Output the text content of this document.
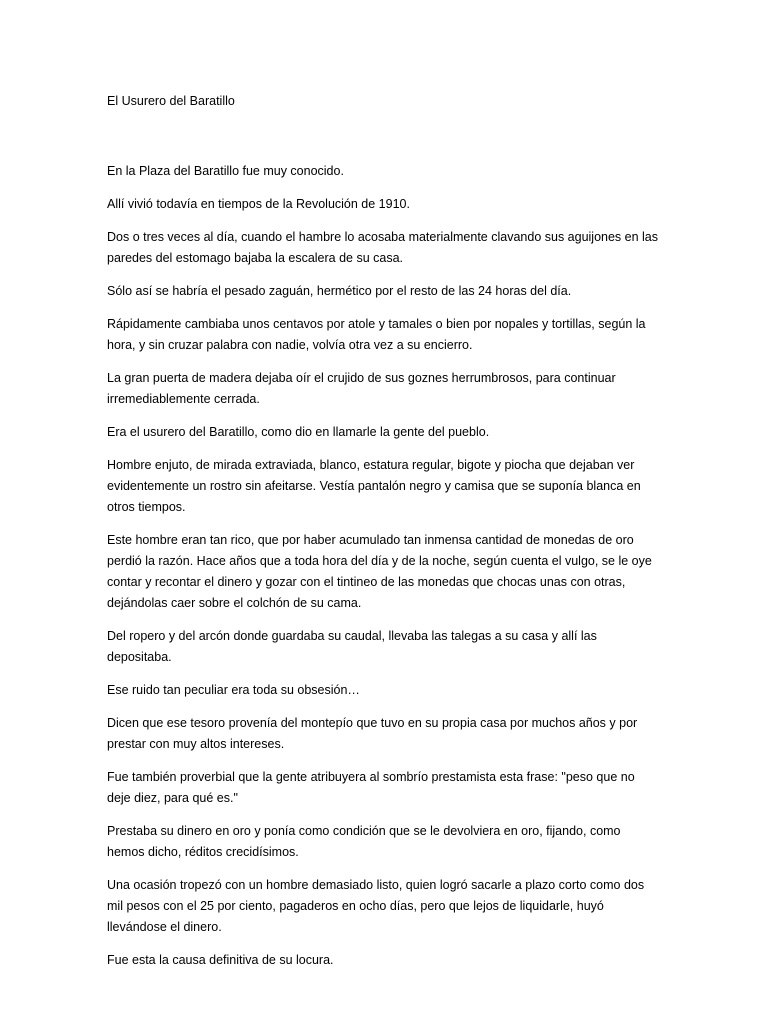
El Usurero del Baratillo

En la Plaza del Baratillo fue muy conocido.

Allí vivió todavía en tiempos de la Revolución de 1910.

Dos o tres veces al día, cuando el hambre lo acosaba materialmente clavando sus aguijones en las paredes del estomago bajaba la escalera de su casa.

Sólo así se habría el pesado zaguán, hermético por el resto de las 24 horas del día.

Rápidamente cambiaba unos centavos por atole y tamales o bien por nopales y tortillas, según la hora, y sin cruzar palabra con nadie, volvía otra vez a su encierro.

La gran puerta de madera dejaba oír el crujido de sus goznes herrumbrosos, para continuar irremediablemente cerrada.

Era el usurero del Baratillo, como dio en llamarle la gente del pueblo.

Hombre enjuto, de mirada extraviada, blanco, estatura regular, bigote y piocha que dejaban ver evidentemente un rostro sin afeitarse. Vestía pantalón negro y camisa que se suponía blanca en otros tiempos.

Este hombre eran tan rico, que por haber acumulado tan inmensa cantidad de monedas de oro perdió la razón. Hace años que a toda hora del día y de la noche, según cuenta el vulgo, se le oye contar y recontar el dinero y gozar con el tintineo de las monedas que chocas unas con otras, dejándolas caer sobre el colchón de su cama.

Del ropero y del arcón donde guardaba su caudal, llevaba las talegas a su casa y allí las depositaba.

Ese ruido tan peculiar era toda su obsesión…

Dicen que ese tesoro provenía del montepío que tuvo en su propia casa por muchos años y por prestar con muy altos intereses.

Fue también proverbial que la gente atribuyera al sombrío prestamista esta frase: "peso que no deje diez, para qué es."

Prestaba su dinero en oro y ponía como condición que se le devolviera en oro, fijando, como hemos dicho, réditos crecidísimos.

Una ocasión tropezó con un hombre demasiado listo, quien logró sacarle a plazo corto como dos mil pesos con el 25 por ciento, pagaderos en ocho días, pero que lejos de liquidarle, huyó llevándose el dinero.

Fue esta la causa definitiva de su locura.
